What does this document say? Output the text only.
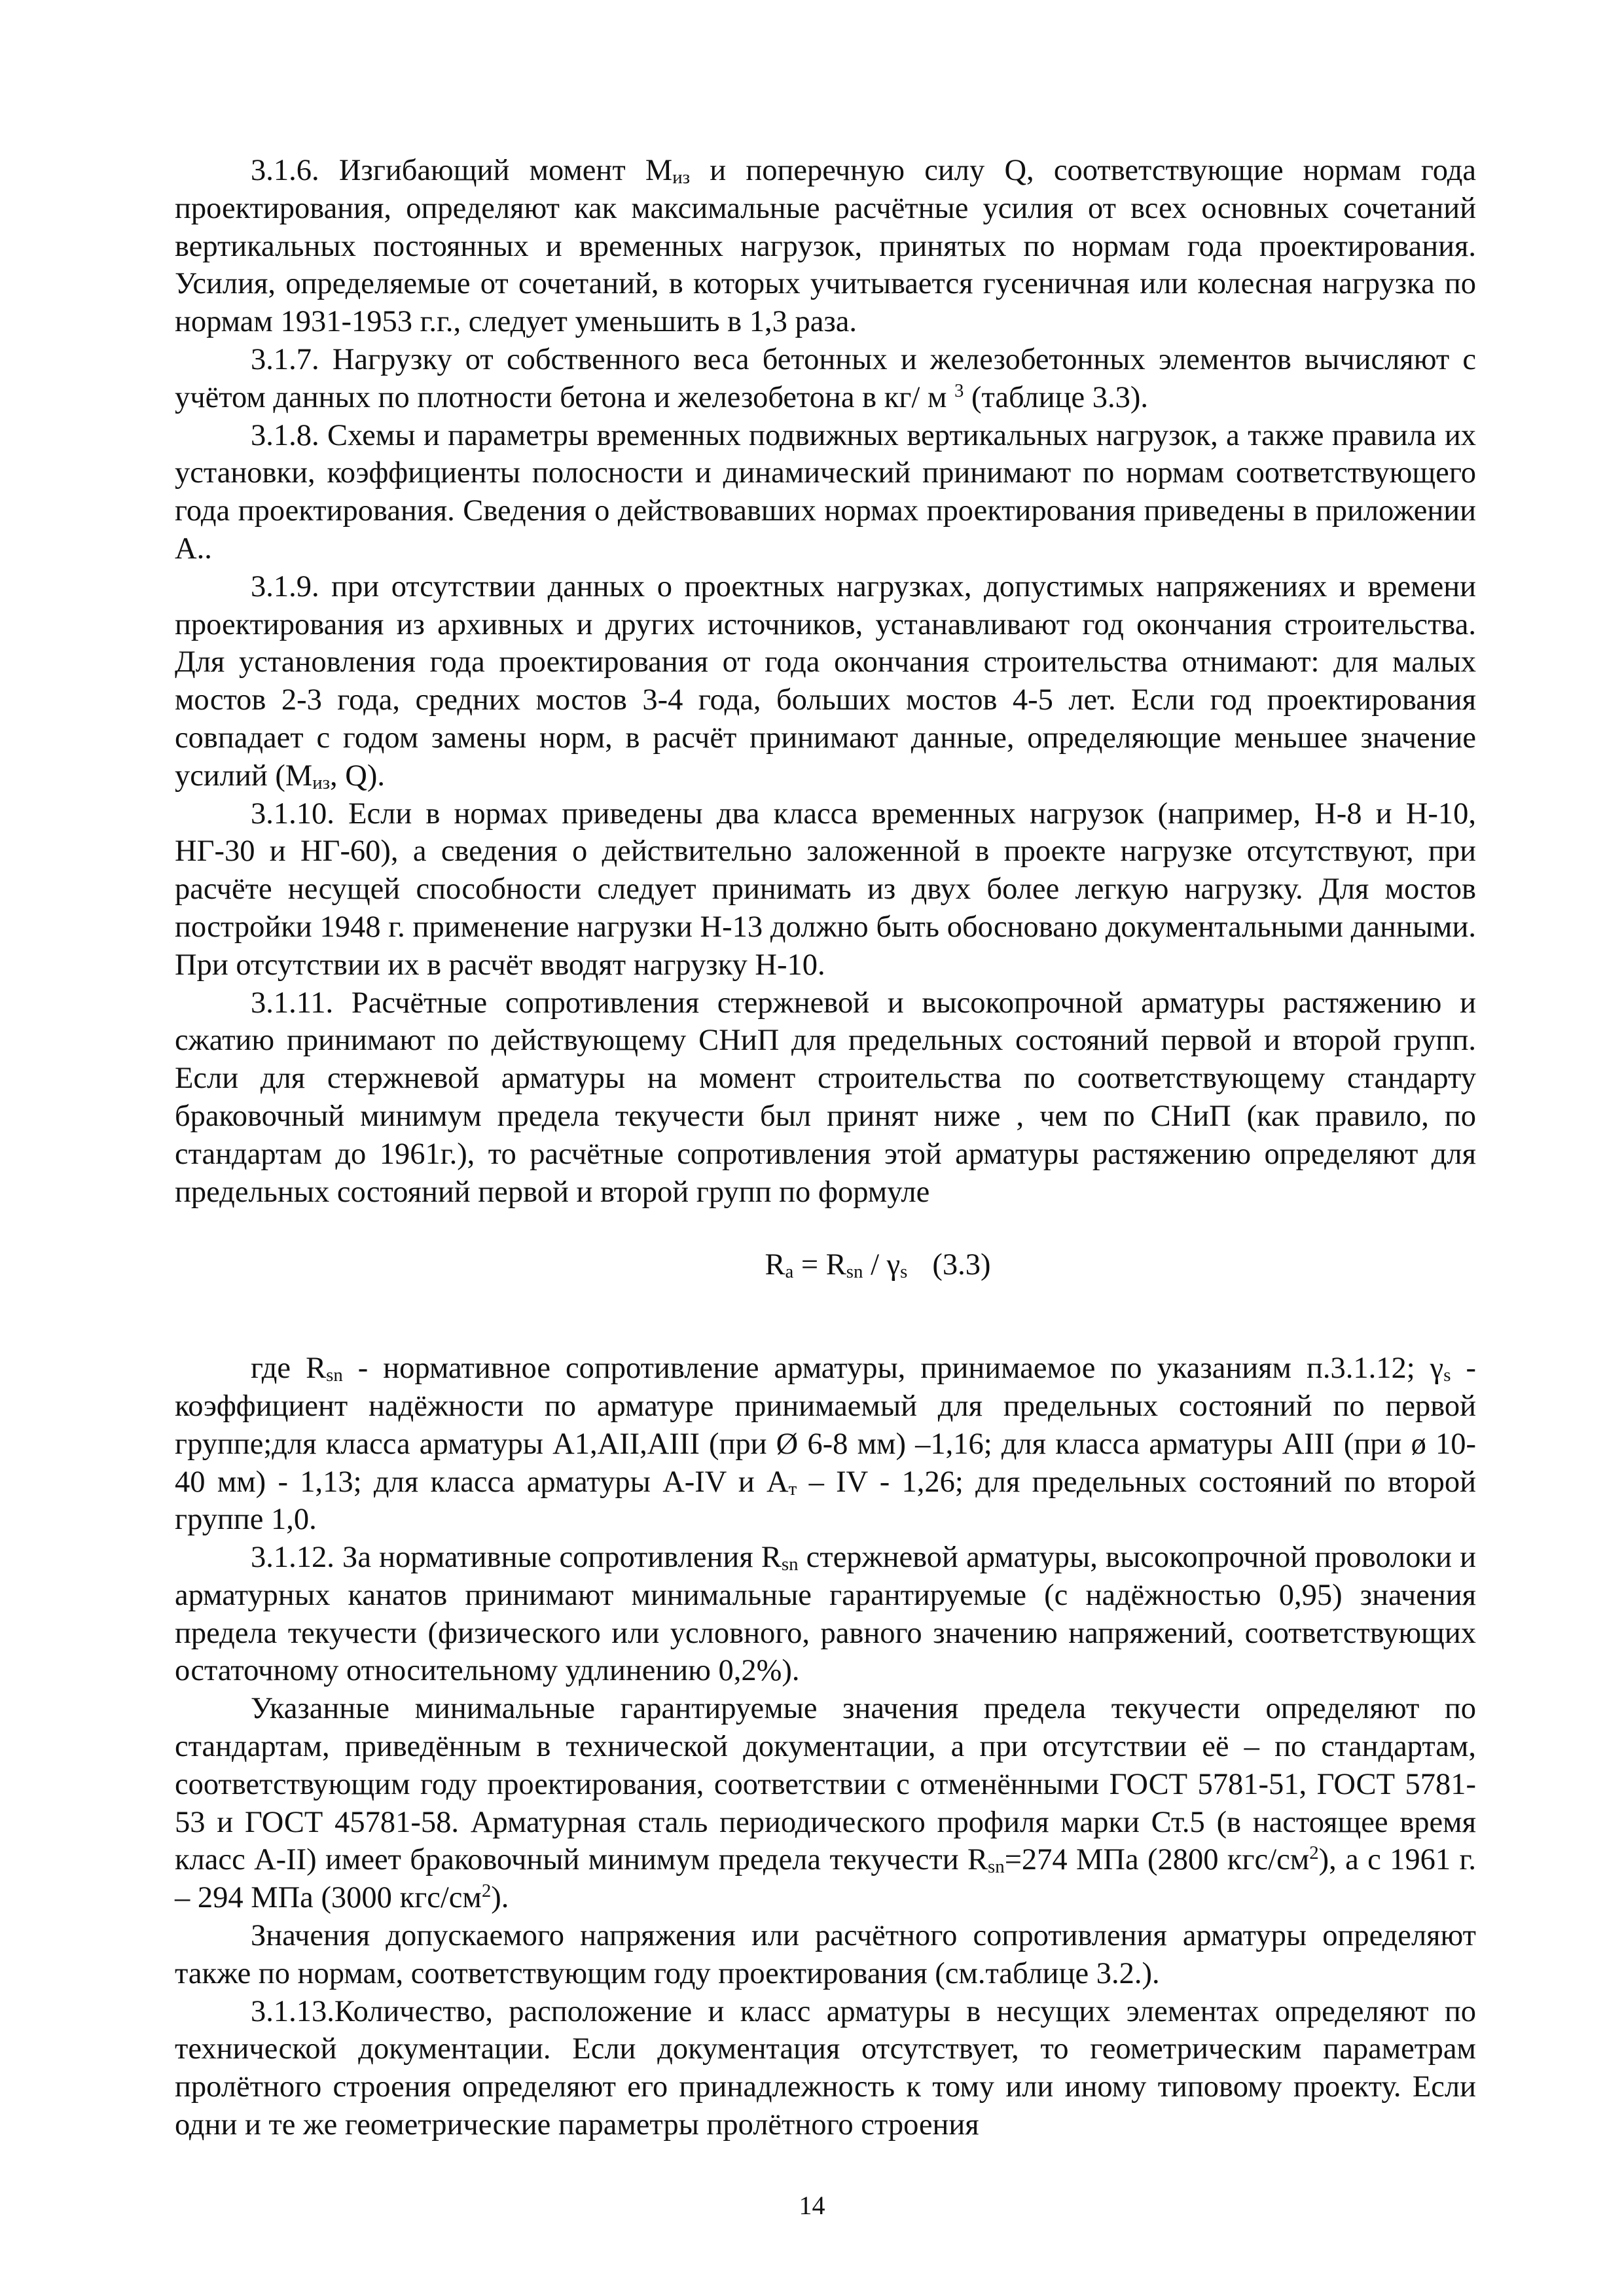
3.1.6. Изгибающий момент $M_{из}$ и поперечную силу Q, соответствующие нормам года проектирования, определяют как максимальные расчётные усилия от всех основных сочетаний вертикальных постоянных и временных нагрузок, принятых по нормам года проектирования. Усилия, определяемые от сочетаний, в которых учитывается гусеничная или колесная нагрузка по нормам 1931-1953 г.г., следует уменьшить в 1,3 раза.

3.1.7. Нагрузку от собственного веса бетонных и железобетонных элементов вычисляют с учётом данных по плотности бетона и железобетона в кг/ м $^3$ (таблице 3.3).

3.1.8. Схемы и параметры временных подвижных вертикальных нагрузок, а также правила их установки, коэффициенты полосности и динамический принимают по нормам соответствующего года проектирования. Сведения о действовавших нормах проектирования приведены в приложении А..

3.1.9. при отсутствии данных о проектных нагрузках, допустимых напряжениях и времени проектирования из архивных и других источников, устанавливают год окончания строительства. Для установления года проектирования от года окончания строительства отнимают: для малых мостов 2-3 года, средних мостов 3-4 года, больших мостов 4-5 лет. Если год проектирования совпадает с годом замены норм, в расчёт принимают данные, определяющие меньшее значение усилий ($M_{из}$, Q).

3.1.10. Если в нормах приведены два класса временных нагрузок (например, Н-8 и Н-10, НГ-30 и НГ-60), а сведения о действительно заложенной в проекте нагрузке отсутствуют, при расчёте несущей способности следует принимать из двух более легкую нагрузку. Для мостов постройки 1948 г. применение нагрузки Н-13 должно быть обосновано документальными данными. При отсутствии их в расчёт вводят нагрузку Н-10.

3.1.11. Расчётные сопротивления стержневой и высокопрочной арматуры растяжению и сжатию принимают по действующему СНиП для предельных состояний первой и второй групп. Если для стержневой арматуры на момент строительства по соответствующему стандарту браковочный минимум предела текучести был принят ниже , чем по СНиП (как правило, по стандартам до 1961г.), то расчётные сопротивления этой арматуры растяжению определяют для предельных состояний первой и второй групп по формуле

$R_a = R_{sn} / \gamma_s$ (3.3)

где $R_{sn}$ - нормативное сопротивление арматуры, принимаемое по указаниям п.3.1.12; $\gamma_s$ - коэффициент надёжности по арматуре принимаемый для предельных состояний по первой группе;для класса арматуры А1,АII,АIII (при Ø 6-8 мм) –1,16; для класса арматуры АIII (при ø 10-40 мм) - 1,13; для класса арматуры А-IV и $А_т$ – IV - 1,26; для предельных состояний по второй группе 1,0.

3.1.12. За нормативные сопротивления $R_{sn}$ стержневой арматуры, высокопрочной проволоки и арматурных канатов принимают минимальные гарантируемые (с надёжностью 0,95) значения предела текучести (физического или условного, равного значению напряжений, соответствующих остаточному относительному удлинению 0,2%).

Указанные минимальные гарантируемые значения предела текучести определяют по стандартам, приведённым в технической документации, а при отсутствии её – по стандартам, соответствующим году проектирования, соответствии с отменёнными ГОСТ 5781-51, ГОСТ 5781-53 и ГОСТ 45781-58. Арматурная сталь периодического профиля марки Ст.5 (в настоящее время класс А-II) имеет браковочный минимум предела текучести $R_{sn}=274$ МПа (2800 кгс/$см^2$), а с 1961 г. – 294 МПа (3000 кгс/$см^2$).

Значения допускаемого напряжения или расчётного сопротивления арматуры определяют также по нормам, соответствующим году проектирования (см.таблице 3.2.).

3.1.13.Количество, расположение и класс арматуры в несущих элементах определяют по технической документации. Если документация отсутствует, то геометрическим параметрам пролётного строения определяют его принадлежность к тому или иному типовому проекту. Если одни и те же геометрические параметры пролётного строения

14
